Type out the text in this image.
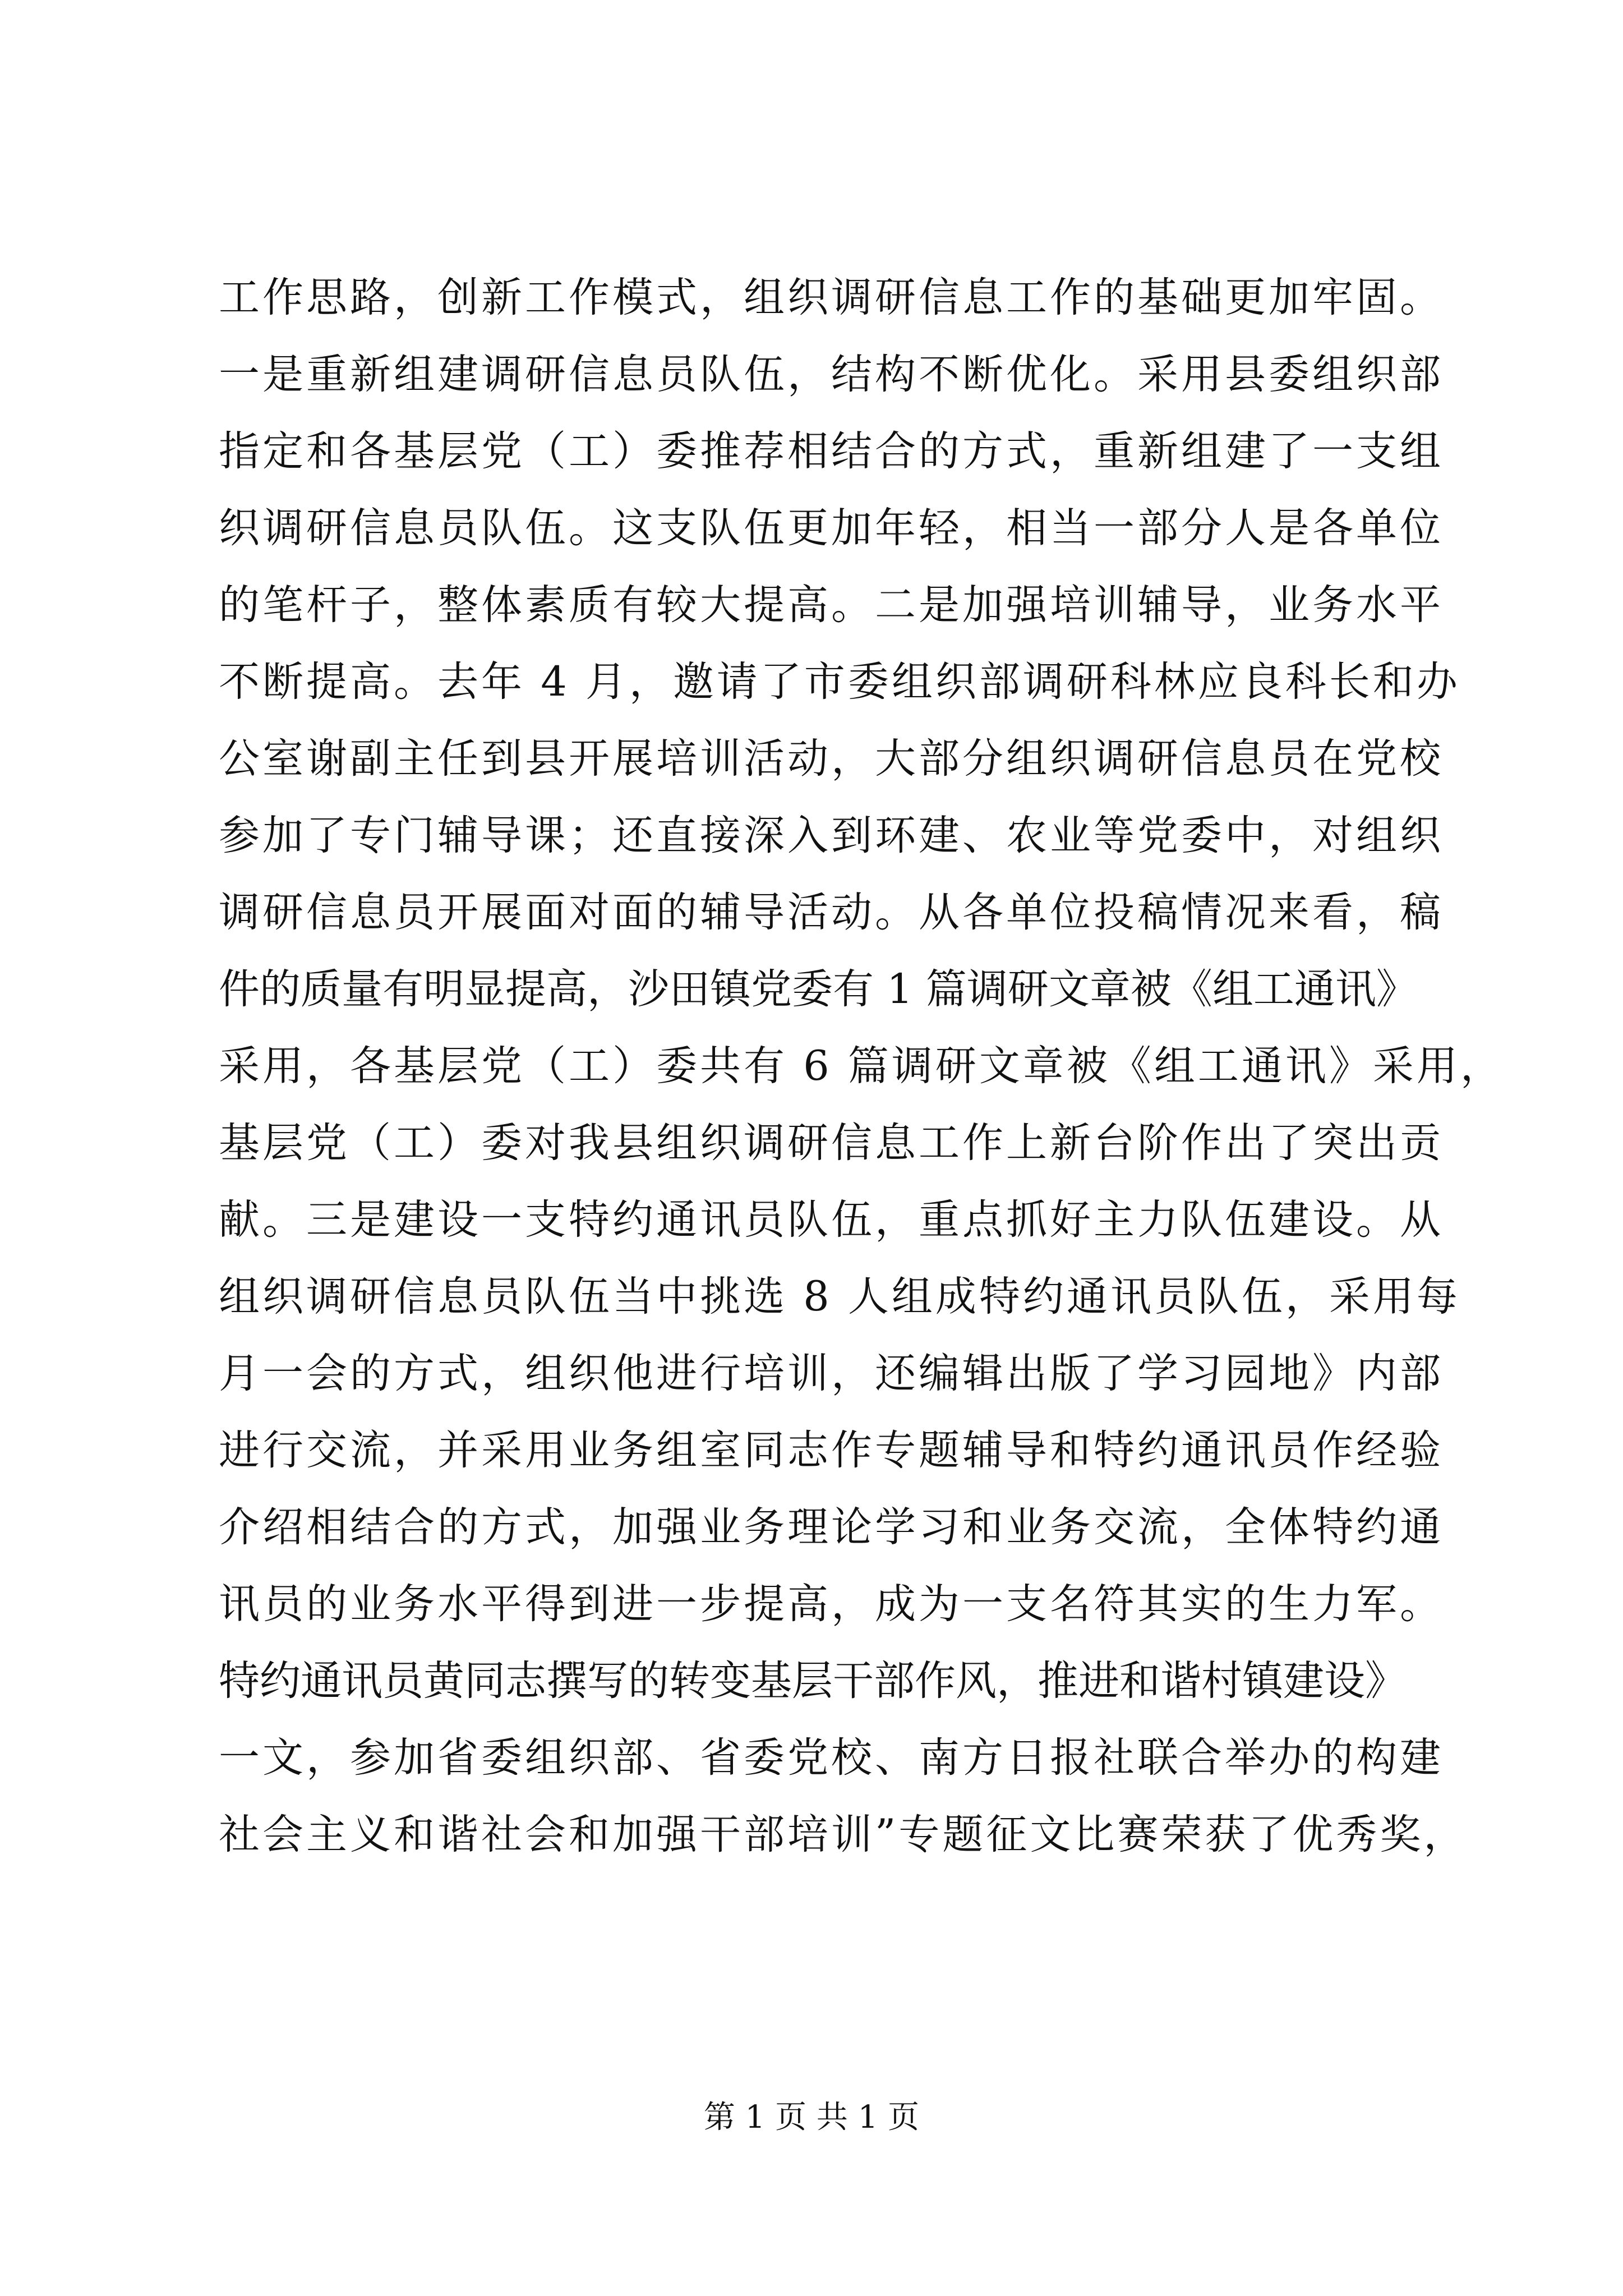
工作思路，创新工作模式，组织调研信息工作的基础更加牢固。
一是重新组建调研信息员队伍，结构不断优化。采用县委组织部
指定和各基层党（工）委推荐相结合的方式，重新组建了一支组
织调研信息员队伍。这支队伍更加年轻，相当一部分人是各单位
的笔杆子，整体素质有较大提高。二是加强培训辅导，业务水平
不断提高。去年 4 月，邀请了市委组织部调研科林应良科长和办
公室谢副主任到县开展培训活动，大部分组织调研信息员在党校
参加了专门辅导课；还直接深入到环建、农业等党委中，对组织
调研信息员开展面对面的辅导活动。从各单位投稿情况来看，稿
件的质量有明显提高，沙田镇党委有 1 篇调研文章被《组工通讯》
采用，各基层党（工）委共有 6 篇调研文章被《组工通讯》采用，
基层党（工）委对我县组织调研信息工作上新台阶作出了突出贡
献。三是建设一支特约通讯员队伍，重点抓好主力队伍建设。从
组织调研信息员队伍当中挑选 8 人组成特约通讯员队伍，采用每
月一会的方式，组织他进行培训，还编辑出版了学习园地》内部
进行交流，并采用业务组室同志作专题辅导和特约通讯员作经验
介绍相结合的方式，加强业务理论学习和业务交流，全体特约通
讯员的业务水平得到进一步提高，成为一支名符其实的生力军。
特约通讯员黄同志撰写的转变基层干部作风，推进和谐村镇建设》
一文，参加省委组织部、省委党校、南方日报社联合举办的构建
社会主义和谐社会和加强干部培训”专题征文比赛荣获了优秀奖，
第 1 页 共 1 页
